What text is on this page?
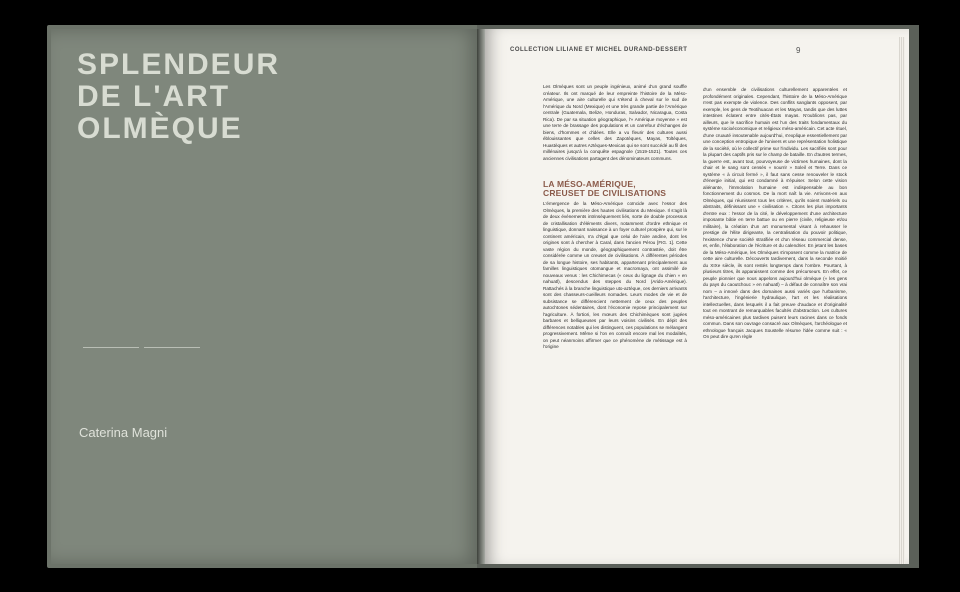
SPLENDEUR
DE L'ART
OLMÈQUE
Caterina Magni
COLLECTION LILIANE ET MICHEL DURAND-DESSERT	9

Les Olmèques sont un peuple ingénieux, animé d'un grand souffle créateur. Ils ont marqué de leur empreinte l'histoire de la Méso-Amérique, une aire culturelle qui s'étend à cheval sur le sud de l'Amérique du Nord (Mexique) et une très grande partie de l'Amérique centrale (Guatemala, Belize, Honduras, Salvador, Nicaragua, Costa Rica). De par sa situation géographique, l'« Amérique moyenne » est une terre de brassage des populations et un carrefour d'échanges de biens, d'hommes et d'idées. Elle a vu fleurir des cultures aussi éblouissantes que celles des Zapotèques, Mayas, Toltèques, Huastèques et autres Aztèques-Mexicas qui se sont succédé au fil des millénaires jusqu'à la conquête espagnole (1519-1521). Toutes ces anciennes civilisations partagent des dénominateurs communs.

LA MÉSO-AMÉRIQUE,
CREUSET DE CIVILISATIONS

L'émergence de la Méso-Amérique coïncide avec l'essor des Olmèques, la première des hautes civilisations du Mexique. Il s'agit là de deux événements intrinsèquement liés, sorte de double processus de cristallisation d'éléments divers, notamment d'ordre ethnique et linguistique, donnant naissance à un foyer culturel prospère qui, sur le continent américain, n'a d'égal que celui de l'aire andine, dont les origines sont à chercher à Caral, dans l'ancien Pérou [FIG. 1]. Cette vaste région du monde, géographiquement contrastée, doit être considérée comme un creuset de civilisations. À différentes périodes de sa longue histoire, ses habitants, appartenant principalement aux familles linguistiques otomangue et macromaya, ont assimilé de nouveaux venus : les Chichimecas (« ceux du lignage du chien » en nahuatl), descendus des steppes du Nord (Arido-Amérique). Rattachés à la branche linguistique uto-aztèque, ces derniers arrivants sont des chasseurs-cueilleurs nomades. Leurs modes de vie et de subsistance se différencient nettement de ceux des peuples autochtones sédentaires, dont l'économie repose principalement sur l'agriculture. À fortiori, les mœurs des Chichimèques sont jugées barbares et belliqueuses par leurs voisins civilisés. En dépit des différences notables qui les distinguent, ces populations se mélangent progressivement. Même si l'on en connaît encore mal les modalités, on peut néanmoins affirmer que ce phénomène de métissage est à l'origine

d'un ensemble de civilisations culturellement apparentées et profondément originales. Cependant, l'histoire de la Méso-Amérique n'est pas exempte de violence. Des conflits sanglants opposent, par exemple, les gens de Teotihuacan et les Mayas, tandis que des luttes intestines éclatent entre cités-États mayas. N'oublions pas, par ailleurs, que le sacrifice humain est l'un des traits fondamentaux du système socioéconomique et religieux méso-américain. Cet acte rituel, d'une cruauté insoutenable aujourd'hui, s'explique essentiellement par une conception entropique de l'univers et une représentation holistique de la société, où le collectif prime sur l'individu. Les sacrifiés sont pour la plupart des captifs pris sur le champ de bataille. En d'autres termes, la guerre est, avant tout, pourvoyeuse de victimes humaines, dont la chair et le sang sont censés « nourrir » Soleil et Terre. Dans ce système « à circuit fermé », il faut sans cesse renouveler le stock d'énergie initial, qui est condamné à s'épuiser. Selon cette vision aliénante, l'immolation humaine est indispensable au bon fonctionnement du cosmos. De la mort naît la vie. Arrivons-en aux Olmèques, qui réunissent tous les critères, qu'ils soient matériels ou abstraits, définissant une « civilisation ». Citons les plus importants d'entre eux : l'essor de la cité, le développement d'une architecture imposante bâtie en terre battue ou en pierre (civile, religieuse et/ou militaire), la création d'un art monumental visant à rehausser le prestige de l'élite dirigeante, la centralisation du pouvoir politique, l'existence d'une société stratifiée et d'un réseau commercial dense, et, enfin, l'élaboration de l'écriture et du calendrier. En jetant les bases de la Méso-Amérique, les Olmèques s'imposent comme la matrice de cette aire culturelle. Découverts tardivement, dans la seconde moitié du XIXe siècle, ils sont restés longtemps dans l'ombre. Pourtant, à plusieurs titres, ils apparaissent comme des précurseurs. En effet, ce peuple pionnier que nous appelons aujourd'hui olmèque (« les gens du pays du caoutchouc » en nahuatl) – à défaut de connaître son vrai nom – a innové dans des domaines aussi variés que l'urbanisme, l'architecture, l'ingénierie hydraulique, l'art et les réalisations intellectuelles, dans lesquels il a fait preuve d'audace et d'originalité tout en montrant de remarquables facultés d'abstraction. Les cultures méso-américaines plus tardives puisent leurs racines dans ce fonds commun. Dans son ouvrage consacré aux Olmèques, l'archéologue et ethnologue français Jacques Soustelle résume l'idée comme suit : « On peut dire qu'en règle
